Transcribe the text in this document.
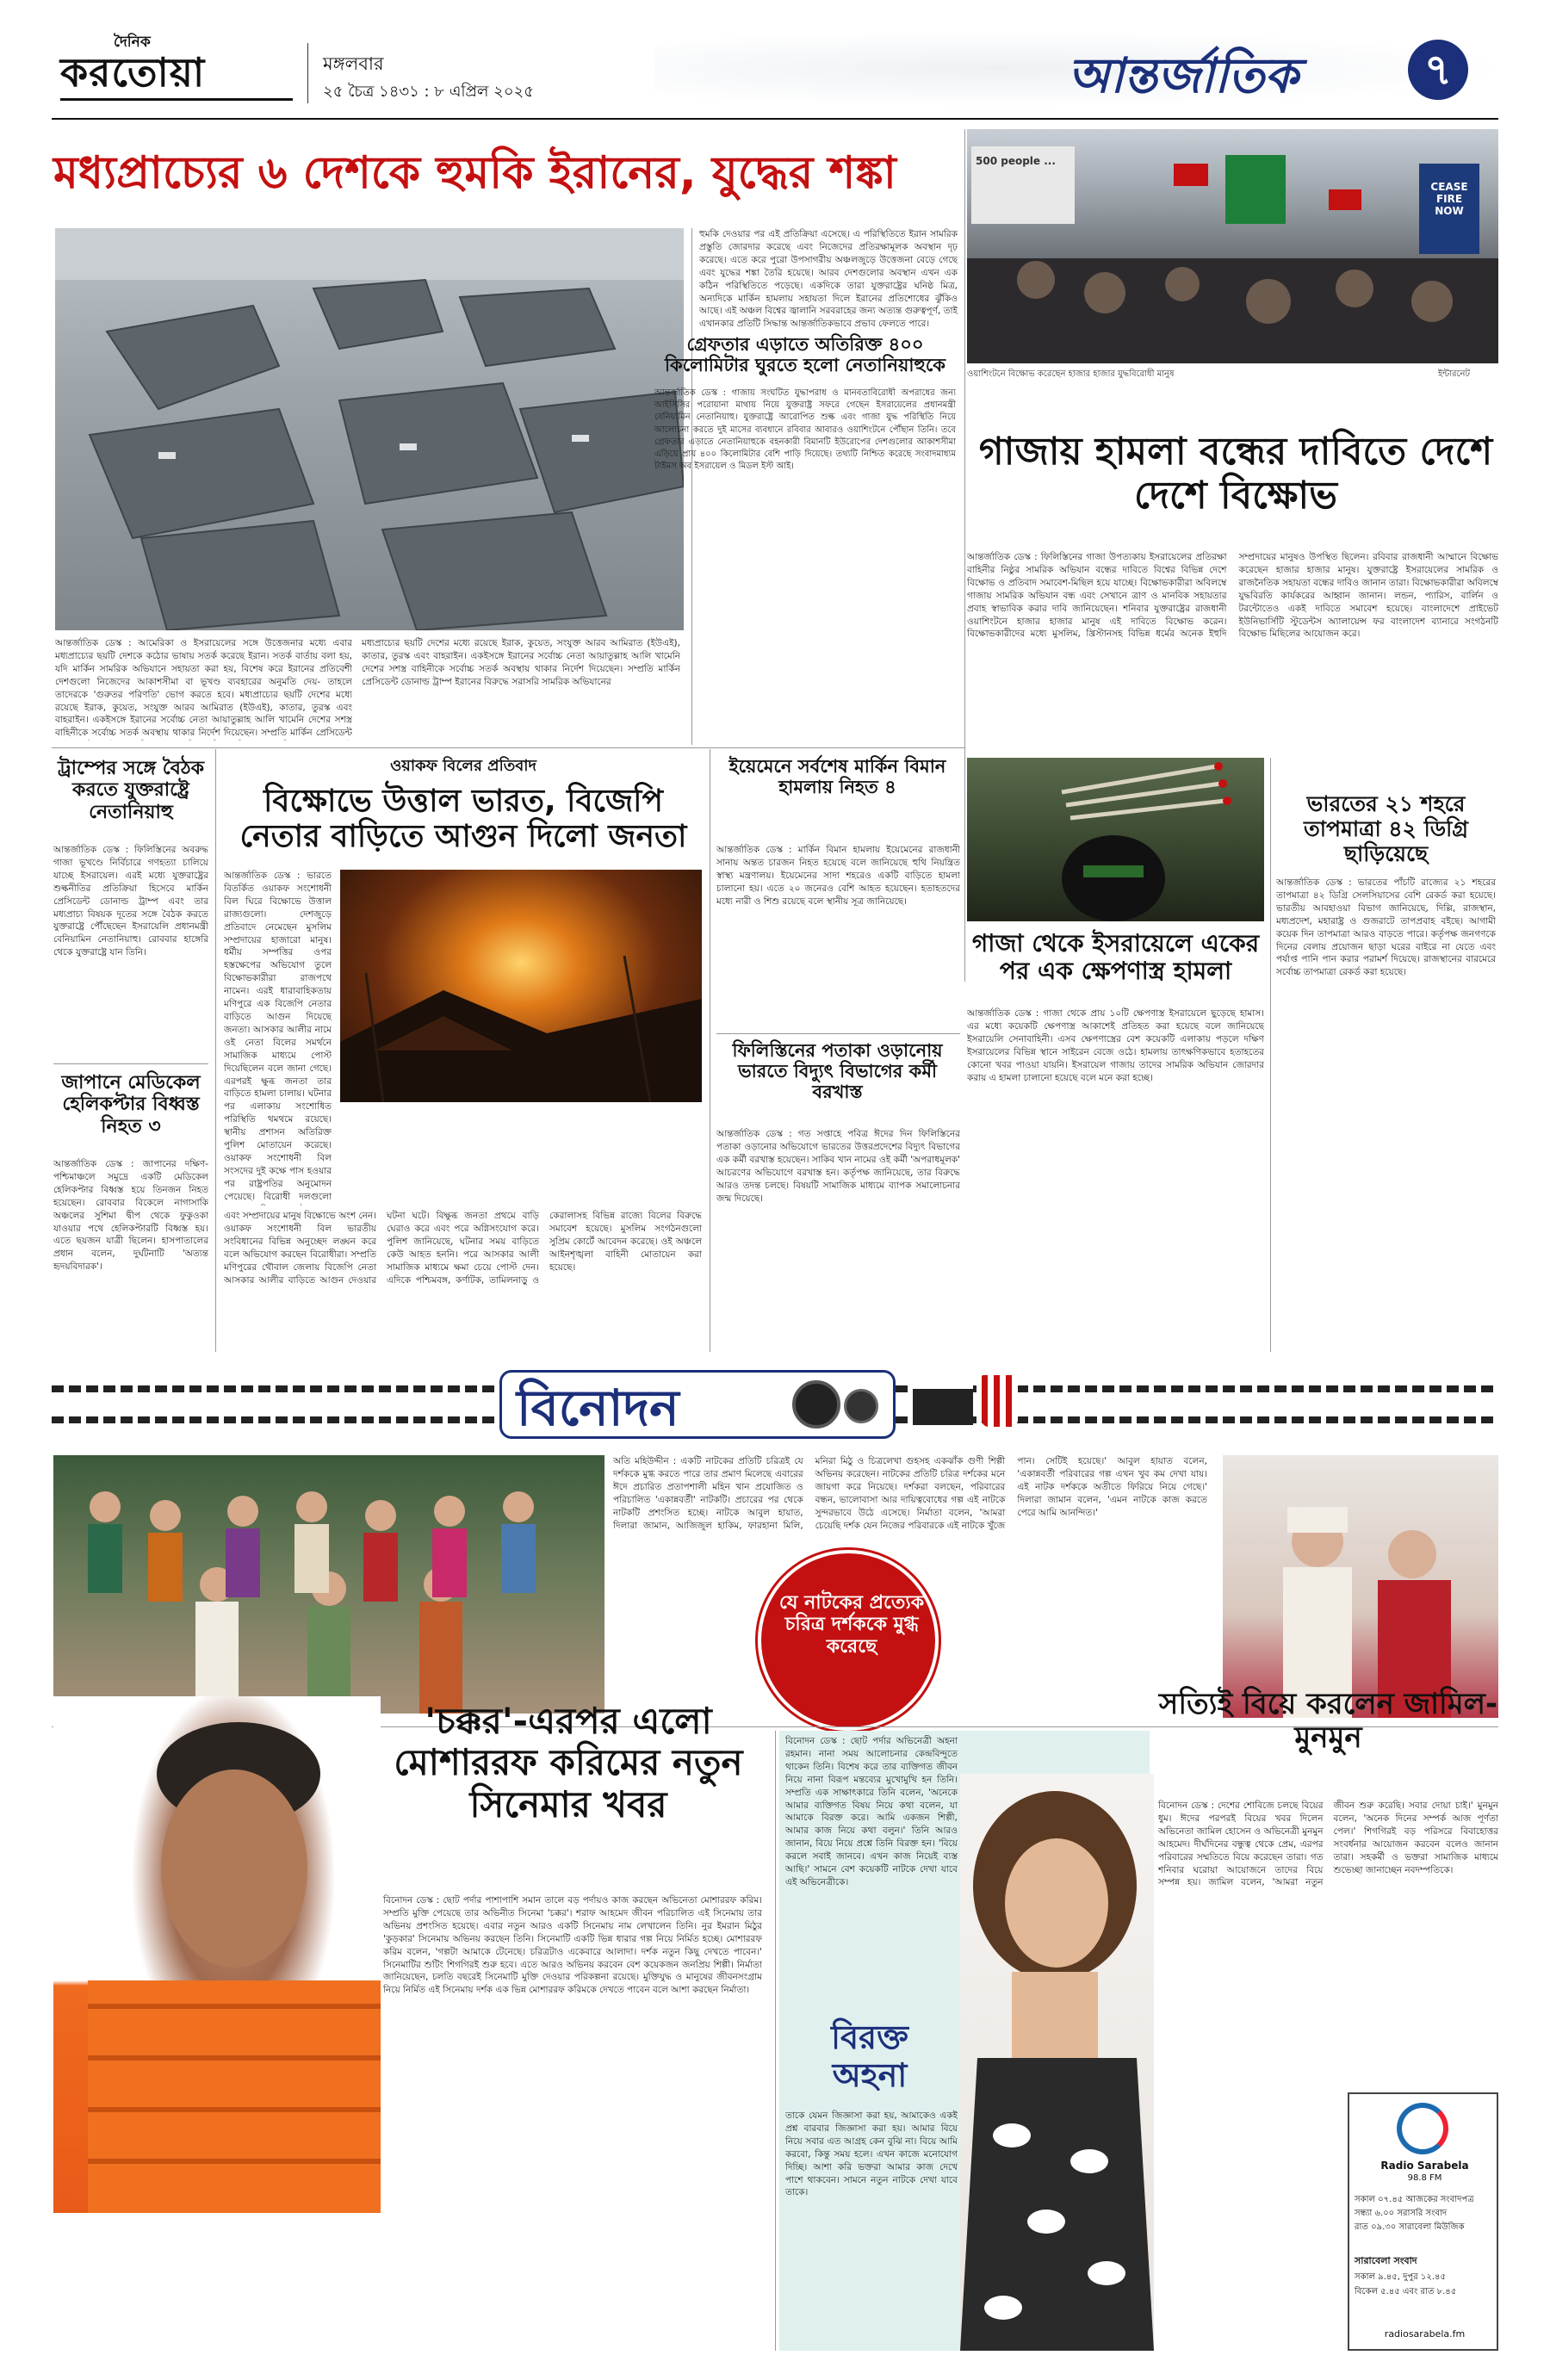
দৈনিক
করতোয়া	মঙ্গলবার
২৫ চৈত্র ১৪৩১ : ৮ এপ্রিল ২০২৫	আন্তর্জাতিক	৭
মধ্যপ্রাচ্যের ৬ দেশকে হুমকি ইরানের, যুদ্ধের শঙ্কা
আন্তর্জাতিক ডেস্ক : আমেরিকা ও ইসরায়েলের সঙ্গে উত্তেজনার মধ্যে এবার মধ্যপ্রাচ্যের ছয়টি দেশকে কঠোর ভাষায় সতর্ক করেছে ইরান। সতর্ক বার্তায় বলা হয়, যদি মার্কিন সামরিক অভিযানে সহায়তা করা হয়, বিশেষ করে ইরানের প্রতিবেশী দেশগুলো নিজেদের আকাশসীমা বা ভূখণ্ড ব্যবহারের অনুমতি দেয়- তাহলে তাদেরকে 'গুরুতর পরিণতি' ভোগ করতে হবে। মধ্যপ্রাচ্যের ছয়টি দেশের মধ্যে রয়েছে ইরাক, কুয়েত, সংযুক্ত আরব আমিরাত (ইউএই), কাতার, তুরস্ক এবং বাহরাইন। একইসঙ্গে ইরানের সর্বোচ্চ নেতা আয়াতুল্লাহ আলি খামেনি দেশের সশস্ত্র বাহিনীকে সর্বোচ্চ সতর্ক অবস্থায় থাকার নির্দেশ দিয়েছেন। সম্প্রতি মার্কিন প্রেসিডেন্ট
মধ্যপ্রাচ্যের ছয়টি দেশের মধ্যে রয়েছে ইরাক, কুয়েত, সংযুক্ত আরব আমিরাত (ইউএই), কাতার, তুরস্ক এবং বাহরাইন। একইসঙ্গে ইরানের সর্বোচ্চ নেতা আয়াতুল্লাহ আলি খামেনি দেশের সশস্ত্র বাহিনীকে সর্বোচ্চ সতর্ক অবস্থায় থাকার নির্দেশ দিয়েছেন। সম্প্রতি মার্কিন প্রেসিডেন্ট ডোনাল্ড ট্রাম্প ইরানের বিরুদ্ধে সরাসরি সামরিক অভিযানের
হুমকি দেওয়ার পর এই প্রতিক্রিয়া এসেছে। এ পরিস্থিতিতে ইরান সামরিক প্রস্তুতি জোরদার করেছে এবং নিজেদের প্রতিরক্ষামূলক অবস্থান দৃঢ় করেছে। এতে করে পুরো উপসাগরীয় অঞ্চলজুড়ে উত্তেজনা বেড়ে গেছে এবং যুদ্ধের শঙ্কা তৈরি হয়েছে। আরব দেশগুলোর অবস্থান এখন এক কঠিন পরিস্থিতিতে পড়েছে। একদিকে তারা যুক্তরাষ্ট্রের ঘনিষ্ঠ মিত্র, অন্যদিকে মার্কিন হামলায় সহায়তা দিলে ইরানের প্রতিশোধের ঝুঁকিও আছে। এই অঞ্চল বিশ্বের জ্বালানি সরবরাহের জন্য অত্যন্ত গুরুত্বপূর্ণ, তাই এখানকার প্রতিটি সিদ্ধান্ত আন্তর্জাতিকভাবে প্রভাব ফেলতে পারে।
গ্রেফতার এড়াতে অতিরিক্ত ৪০০ কিলোমিটার ঘুরতে হলো নেতানিয়াহুকে
আন্তর্জাতিক ডেস্ক : গাজায় সংঘটিত যুদ্ধাপরাধ ও মানবতাবিরোধী অপরাধের জন্য আইসিসির পরোয়ানা মাথায় নিয়ে যুক্তরাষ্ট্র সফরে গেছেন ইসরায়েলের প্রধানমন্ত্রী বেনিয়ামিন নেতানিয়াহু। যুক্তরাষ্ট্রে আরোপিত শুল্ক এবং গাজা যুদ্ধ পরিস্থিতি নিয়ে আলোচনা করতে দুই মাসের ব্যবধানে রবিবার আবারও ওয়াশিংটনে পৌঁছান তিনি। তবে গ্রেফতার এড়াতে নেতানিয়াহুকে বহনকারী বিমানটি ইউরোপের দেশগুলোর আকাশসীমা এড়িয়ে প্রায় ৪০০ কিলোমিটার বেশি পাড়ি দিয়েছে। তথ্যটি নিশ্চিত করেছে সংবাদমাধ্যম টাইমস অব ইসরায়েল ও মিডল ইস্ট আই।
500 people ...
CEASE FIRE NOW
ওয়াশিংটনে বিক্ষোভ করেছেন হাজার হাজার যুদ্ধবিরোধী মানুষ	ইন্টারনেট
গাজায় হামলা বন্ধের দাবিতে দেশে দেশে বিক্ষোভ
আন্তর্জাতিক ডেস্ক : ফিলিস্তিনের গাজা উপত্যকায় ইসরায়েলের প্রতিরক্ষা বাহিনীর নিষ্ঠুর সামরিক অভিযান বন্ধের দাবিতে বিশ্বের বিভিন্ন দেশে বিক্ষোভ ও প্রতিবাদ সমাবেশ-মিছিল হয়ে যাচ্ছে। বিক্ষোভকারীরা অবিলম্বে গাজায় সামরিক অভিযান বন্ধ এবং সেখানে ত্রাণ ও মানবিক সহায়তার প্রবাহ স্বাভাবিক করার দাবি জানিয়েছেন। শনিবার যুক্তরাষ্ট্রের রাজধানী ওয়াশিংটনে হাজার হাজার মানুষ এই দাবিতে বিক্ষোভ করেন। বিক্ষোভকারীদের মধ্যে মুসলিম, খ্রিস্টানসহ বিভিন্ন ধর্মের অনেক ইহুদি সম্প্রদায়ের মানুষও উপস্থিত ছিলেন। রবিবার রাজধানী আম্মানে বিক্ষোভ করেছেন হাজার হাজার মানুষ। যুক্তরাষ্ট্রে ইসরায়েলের সামরিক ও রাজনৈতিক সহায়তা বন্ধের দাবিও জানান তারা। বিক্ষোভকারীরা অবিলম্বে যুদ্ধবিরতি কার্যকরের আহ্বান জানান। লন্ডন, প্যারিস, বার্লিন ও টরন্টোতেও একই দাবিতে সমাবেশ হয়েছে। বাংলাদেশে প্রাইভেট ইউনিভার্সিটি স্টুডেন্টস অ্যালায়েন্স ফর বাংলাদেশ ব্যানারে সংগঠনটি বিক্ষোভ মিছিলের আয়োজন করে।
ট্রাম্পের সঙ্গে বৈঠক করতে যুক্তরাষ্ট্রে নেতানিয়াহু
আন্তর্জাতিক ডেস্ক : ফিলিস্তিনের অবরুদ্ধ গাজা ভূখণ্ডে নির্বিচারে গণহত্যা চালিয়ে যাচ্ছে ইসরায়েল। এরই মধ্যে যুক্তরাষ্ট্রের শুল্কনীতির প্রতিক্রিয়া হিসেবে মার্কিন প্রেসিডেন্ট ডোনাল্ড ট্রাম্প এবং তার মধ্যপ্রাচ্য বিষয়ক দূতের সঙ্গে বৈঠক করতে যুক্তরাষ্ট্রে পৌঁছেছেন ইসরায়েলি প্রধানমন্ত্রী বেনিয়ামিন নেতানিয়াহু। রোববার হাঙ্গেরি থেকে যুক্তরাষ্ট্রে যান তিনি।
জাপানে মেডিকেল হেলিকপ্টার বিধ্বস্ত নিহত ৩
আন্তর্জাতিক ডেস্ক : জাপানের দক্ষিণ-পশ্চিমাঞ্চলে সমুদ্রে একটি মেডিকেল হেলিকপ্টার বিধ্বস্ত হয়ে তিনজন নিহত হয়েছেন। রোববার বিকেলে নাগাসাকি অঞ্চলের সুশিমা দ্বীপ থেকে ফুকুওকা যাওয়ার পথে হেলিকপ্টারটি বিধ্বস্ত হয়। এতে ছয়জন যাত্রী ছিলেন। হাসপাতালের প্রধান বলেন, দুর্ঘটনাটি 'অত্যন্ত হৃদয়বিদারক'।
ওয়াকফ বিলের প্রতিবাদ
বিক্ষোভে উত্তাল ভারত, বিজেপি নেতার বাড়িতে আগুন দিলো জনতা
আন্তর্জাতিক ডেস্ক : ভারতে বিতর্কিত ওয়াকফ সংশোধনী বিল ঘিরে বিক্ষোভে উত্তাল রাজ্যগুলো। দেশজুড়ে প্রতিবাদে নেমেছেন মুসলিম সম্প্রদায়ের হাজারো মানুষ। ধর্মীয় সম্পত্তির ওপর হস্তক্ষেপের অভিযোগ তুলে বিক্ষোভকারীরা রাজপথে নামেন। এরই ধারাবাহিকতায় মণিপুরে এক বিজেপি নেতার বাড়িতে আগুন দিয়েছে জনতা। আসকার আলীর নামে ওই নেতা বিলের সমর্থনে সামাজিক মাধ্যমে পোস্ট দিয়েছিলেন বলে জানা গেছে। এরপরই ক্ষুব্ধ জনতা তার বাড়িতে হামলা চালায়। ঘটনার পর এলাকায় সংশোধিত পরিস্থিতি থমথমে রয়েছে। স্থানীয় প্রশাসন অতিরিক্ত পুলিশ মোতায়েন করেছে। ওয়াকফ সংশোধনী বিল সংসদের দুই কক্ষে পাস হওয়ার পর রাষ্ট্রপতির অনুমোদন পেয়েছে। বিরোধী দলগুলো
এবং সম্প্রদায়ের মানুষ বিক্ষোভে অংশ নেন। ওয়াকফ সংশোধনী বিল ভারতীয় সংবিধানের বিভিন্ন অনুচ্ছেদ লঙ্ঘন করে বলে অভিযোগ করছেন বিরোধীরা। সম্প্রতি মণিপুরের থৌবাল জেলায় বিজেপি নেতা আসকার আলীর বাড়িতে আগুন দেওয়ার ঘটনা ঘটে। বিক্ষুব্ধ জনতা প্রথমে বাড়ি ঘেরাও করে এবং পরে অগ্নিসংযোগ করে। পুলিশ জানিয়েছে, ঘটনার সময় বাড়িতে কেউ আহত হননি। পরে আসকার আলী সামাজিক মাধ্যমে ক্ষমা চেয়ে পোস্ট দেন। এদিকে পশ্চিমবঙ্গ, কর্ণাটক, তামিলনাড়ু ও কেরালাসহ বিভিন্ন রাজ্যে বিলের বিরুদ্ধে সমাবেশ হয়েছে। মুসলিম সংগঠনগুলো সুপ্রিম কোর্টে আবেদন করেছে। ওই অঞ্চলে আইনশৃঙ্খলা বাহিনী মোতায়েন করা হয়েছে।
ইয়েমেনে সর্বশেষ মার্কিন বিমান হামলায় নিহত ৪
আন্তর্জাতিক ডেস্ক : মার্কিন বিমান হামলায় ইয়েমেনের রাজধানী সানায় অন্তত চারজন নিহত হয়েছে বলে জানিয়েছে হুথি নিয়ন্ত্রিত স্বাস্থ্য মন্ত্রণালয়। ইয়েমেনের সাদা শহরেও একটি বাড়িতে হামলা চালানো হয়। এতে ২০ জনেরও বেশি আহত হয়েছেন। হতাহতদের মধ্যে নারী ও শিশু রয়েছে বলে স্থানীয় সূত্র জানিয়েছে।
ফিলিস্তিনের পতাকা ওড়ানোয় ভারতে বিদ্যুৎ বিভাগের কর্মী বরখাস্ত
আন্তর্জাতিক ডেস্ক : গত সপ্তাহে পবিত্র ঈদের দিন ফিলিস্তিনের পতাকা ওড়ানোর অভিযোগে ভারতের উত্তরপ্রদেশের বিদ্যুৎ বিভাগের এক কর্মী বরখাস্ত হয়েছেন। সাকিব খান নামের ওই কর্মী 'অপরাধমূলক' আচরণের অভিযোগে বরখাস্ত হন। কর্তৃপক্ষ জানিয়েছে, তার বিরুদ্ধে আরও তদন্ত চলছে। বিষয়টি সামাজিক মাধ্যমে ব্যাপক সমালোচনার জন্ম দিয়েছে।
গাজা থেকে ইসরায়েলে একের পর এক ক্ষেপণাস্ত্র হামলা
আন্তর্জাতিক ডেস্ক : গাজা থেকে প্রায় ১০টি ক্ষেপণাস্ত্র ইসরায়েলে ছুড়েছে হামাস। এর মধ্যে কয়েকটি ক্ষেপণাস্ত্র আকাশেই প্রতিহত করা হয়েছে বলে জানিয়েছে ইসরায়েলি সেনাবাহিনী। এসব ক্ষেপণাস্ত্রের বেশ কয়েকটি এলাকায় পড়লে দক্ষিণ ইসরায়েলের বিভিন্ন স্থানে সাইরেন বেজে ওঠে। হামলায় তাৎক্ষণিকভাবে হতাহতের কোনো খবর পাওয়া যায়নি। ইসরায়েল গাজায় তাদের সামরিক অভিযান জোরদার করায় এ হামলা চালানো হয়েছে বলে মনে করা হচ্ছে।
ভারতের ২১ শহরে তাপমাত্রা ৪২ ডিগ্রি ছাড়িয়েছে
আন্তর্জাতিক ডেস্ক : ভারতের পাঁচটি রাজ্যের ২১ শহরের তাপমাত্রা ৪২ ডিগ্রি সেলসিয়াসের বেশি রেকর্ড করা হয়েছে। ভারতীয় আবহাওয়া বিভাগ জানিয়েছে, দিল্লি, রাজস্থান, মধ্যপ্রদেশ, মহারাষ্ট্র ও গুজরাটে তাপপ্রবাহ বইছে। আগামী কয়েক দিন তাপমাত্রা আরও বাড়তে পারে। কর্তৃপক্ষ জনগণকে দিনের বেলায় প্রয়োজন ছাড়া ঘরের বাইরে না যেতে এবং পর্যাপ্ত পানি পান করার পরামর্শ দিয়েছে। রাজস্থানের বারমেরে সর্বোচ্চ তাপমাত্রা রেকর্ড করা হয়েছে।
বিনোদন
যে নাটকের প্রত্যেক চরিত্র দর্শককে মুগ্ধ করেছে
অতি মহিউদ্দীন : একটি নাটকের প্রতিটি চরিত্রই যে দর্শককে মুগ্ধ করতে পারে তার প্রমাণ মিলেছে এবারের ঈদে প্রচারিত প্রতাপশালী মহিন খান প্রযোজিত ও পরিচালিত 'একান্নবর্তী' নাটকটি। প্রচারের পর থেকে নাটকটি প্রশংসিত হচ্ছে। নাটকে আবুল হায়াত, দিলারা জামান, আজিজুল হাকিম, ফারহানা মিলি, মনিরা মিঠু ও চিত্রলেখা গুহসহ একঝাঁক গুণী শিল্পী অভিনয় করেছেন। নাটকের প্রতিটি চরিত্র দর্শকের মনে জায়গা করে নিয়েছে। দর্শকরা বলছেন, পরিবারের বন্ধন, ভালোবাসা আর দায়িত্ববোধের গল্প এই নাটকে সুন্দরভাবে উঠে এসেছে। নির্মাতা বলেন, 'আমরা চেয়েছি দর্শক যেন নিজের পরিবারকে এই নাটকে খুঁজে পান। সেটিই হয়েছে।' আবুল হায়াত বলেন, 'একান্নবর্তী পরিবারের গল্প এখন খুব কম দেখা যায়। এই নাটক দর্শককে অতীতে ফিরিয়ে নিয়ে গেছে।' দিলারা জামান বলেন, 'এমন নাটকে কাজ করতে পেরে আমি আনন্দিত।'
'চক্কর'-এরপর এলো মোশাররফ করিমের নতুন সিনেমার খবর
বিনোদন ডেস্ক : ছোট পর্দার পাশাপাশি সমান তালে বড় পর্দায়ও কাজ করছেন অভিনেতা মোশাররফ করিম। সম্প্রতি মুক্তি পেয়েছে তার অভিনীত সিনেমা 'চক্কর'। শরাফ আহমেদ জীবন পরিচালিত এই সিনেমায় তার অভিনয় প্রশংসিত হয়েছে। এবার নতুন আরও একটি সিনেমায় নাম লেখালেন তিনি। নুর ইমরান মিঠুর 'কুড়কার' সিনেমায় অভিনয় করছেন তিনি। সিনেমাটি একটি ভিন্ন ধারার গল্প নিয়ে নির্মিত হচ্ছে। মোশাররফ করিম বলেন, 'গল্পটা আমাকে টেনেছে। চরিত্রটাও একেবারে আলাদা। দর্শক নতুন কিছু দেখতে পাবেন।' সিনেমাটির শুটিং শিগগিরই শুরু হবে। এতে আরও অভিনয় করবেন বেশ কয়েকজন জনপ্রিয় শিল্পী। নির্মাতা জানিয়েছেন, চলতি বছরেই সিনেমাটি মুক্তি দেওয়ার পরিকল্পনা রয়েছে। মুক্তিযুদ্ধ ও মানুষের জীবনসংগ্রাম নিয়ে নির্মিত এই সিনেমায় দর্শক এক ভিন্ন মোশাররফ করিমকে দেখতে পাবেন বলে আশা করছেন নির্মাতা।
বিনোদন ডেস্ক : ছোট পর্দার অভিনেত্রী অহনা রহমান। নানা সময় আলোচনার কেন্দ্রবিন্দুতে থাকেন তিনি। বিশেষ করে তার ব্যক্তিগত জীবন নিয়ে নানা বিরূপ মন্তব্যের মুখোমুখি হন তিনি। সম্প্রতি এক সাক্ষাৎকারে তিনি বলেন, 'অনেকে আমার ব্যক্তিগত বিষয় নিয়ে কথা বলেন, যা আমাকে বিরক্ত করে। আমি একজন শিল্পী, আমার কাজ নিয়ে কথা বলুন।' তিনি আরও জানান, বিয়ে নিয়ে প্রশ্নে তিনি বিরক্ত হন। 'বিয়ে করলে সবাই জানবে। এখন কাজ নিয়েই ব্যস্ত আছি।' সামনে বেশ কয়েকটি নাটকে দেখা যাবে এই অভিনেত্রীকে।
বিরক্ত অহনা
তাকে যেমন জিজ্ঞাসা করা হয়, আমাকেও একই প্রশ্ন বারবার জিজ্ঞাসা করা হয়। আমার বিয়ে নিয়ে সবার এত আগ্রহ কেন বুঝি না। বিয়ে আমি করবো, কিন্তু সময় হলে। এখন কাজে মনোযোগ দিচ্ছি। আশা করি ভক্তরা আমার কাজ দেখে পাশে থাকবেন। সামনে নতুন নাটকে দেখা যাবে তাকে।
সত্যিই বিয়ে করলেন জামিল-মুনমুন
বিনোদন ডেস্ক : দেশের শোবিজে চলছে বিয়ের ধুম। ঈদের পরপরই বিয়ের খবর দিলেন অভিনেতা জামিল হোসেন ও অভিনেত্রী মুনমুন আহমেদ। দীর্ঘদিনের বন্ধুত্ব থেকে প্রেম, এরপর পরিবারের সম্মতিতে বিয়ে করেছেন তারা। গত শনিবার ঘরোয়া আয়োজনে তাদের বিয়ে সম্পন্ন হয়। জামিল বলেন, 'আমরা নতুন জীবন শুরু করেছি। সবার দোয়া চাই।' মুনমুন বলেন, 'অনেক দিনের সম্পর্ক আজ পূর্ণতা পেল।' শিগগিরই বড় পরিসরে বিবাহোত্তর সংবর্ধনার আয়োজন করবেন বলেও জানান তারা। সহকর্মী ও ভক্তরা সামাজিক মাধ্যমে শুভেচ্ছা জানাচ্ছেন নবদম্পতিকে।
Radio Sarabela
98.8 FM
সকাল ০৭.৪৫ আজকের সংবাদপত্র
সন্ধ্যা ৬.০০ সরাসরি সংবাদ
রাত ০৯.৩০ সারাবেলা মিউজিক
সারাবেলা সংবাদ
সকাল ৯.৪৫, দুপুর ১২.৪৫
বিকেল ৫.৪৫ এবং রাত ৮.৪৫
radiosarabela.fm
